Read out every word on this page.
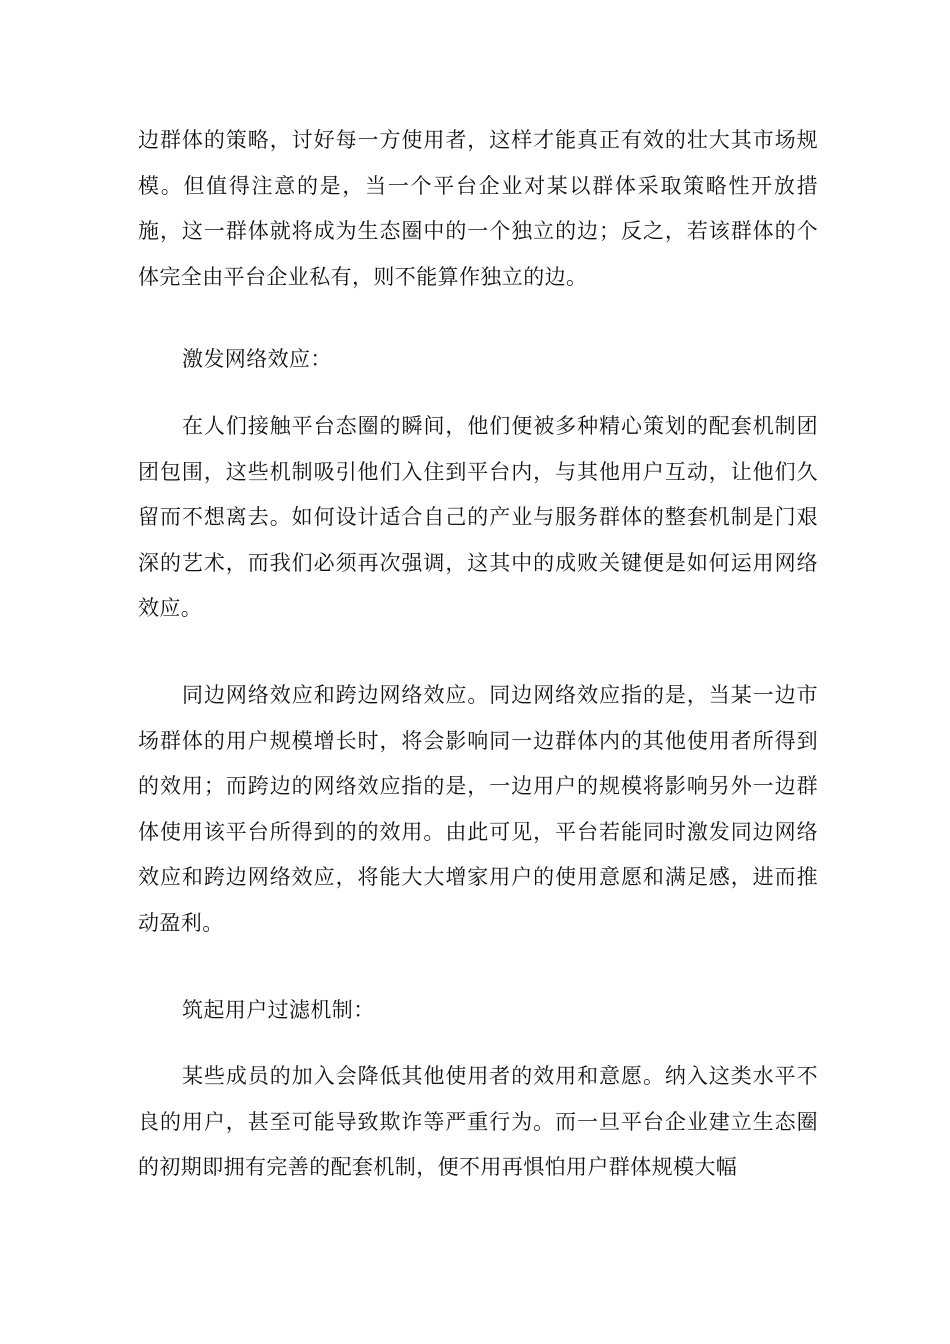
边群体的策略，讨好每一方使用者，这样才能真正有效的壮大其市场规模。但值得注意的是，当一个平台企业对某以群体采取策略性开放措施，这一群体就将成为生态圈中的一个独立的边；反之，若该群体的个体完全由平台企业私有，则不能算作独立的边。
激发网络效应：
在人们接触平台态圈的瞬间，他们便被多种精心策划的配套机制团团包围，这些机制吸引他们入住到平台内，与其他用户互动，让他们久留而不想离去。如何设计适合自己的产业与服务群体的整套机制是门艰深的艺术，而我们必须再次强调，这其中的成败关键便是如何运用网络效应。
同边网络效应和跨边网络效应。同边网络效应指的是，当某一边市场群体的用户规模增长时，将会影响同一边群体内的其他使用者所得到的效用；而跨边的网络效应指的是，一边用户的规模将影响另外一边群体使用该平台所得到的的效用。由此可见，平台若能同时激发同边网络效应和跨边网络效应，将能大大增家用户的使用意愿和满足感，进而推动盈利。
筑起用户过滤机制：
某些成员的加入会降低其他使用者的效用和意愿。纳入这类水平不良的用户，甚至可能导致欺诈等严重行为。而一旦平台企业建立生态圈的初期即拥有完善的配套机制，便不用再惧怕用户群体规模大幅
